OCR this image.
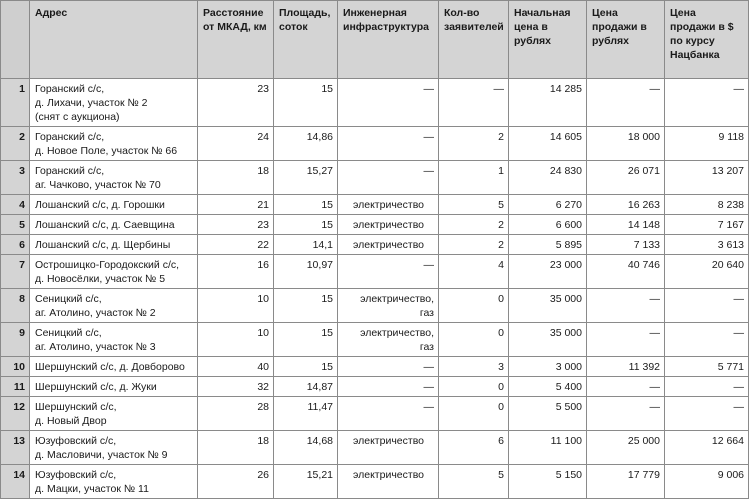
	Адрес	Расстояние от МКАД, км	Площадь, соток	Инженерная инфраструктура	Кол-во заявителей	Начальная цена в рублях	Цена продажи в рублях	Цена продажи в $ по курсу Нацбанка
1	Горанский с/с,
д. Лихачи, участок № 2
(снят с аукциона)	23	15	—	—	14 285	—	—
2	Горанский с/с,
д. Новое Поле, участок № 66	24	14,86	—	2	14 605	18 000	9 118
3	Горанский с/с,
аг. Чачково, участок № 70	18	15,27	—	1	24 830	26 071	13 207
4	Лошанский с/с, д. Горошки	21	15	электричество	5	6 270	16 263	8 238
5	Лошанский с/с, д. Саевщина	23	15	электричество	2	6 600	14 148	7 167
6	Лошанский с/с, д. Щербины	22	14,1	электричество	2	5 895	7 133	3 613
7	Острошицко-Городокский с/с,
д. Новосёлки, участок № 5	16	10,97	—	4	23 000	40 746	20 640
8	Сеницкий с/с,
аг. Атолино, участок № 2	10	15	электричество,
газ	0	35 000	—	—
9	Сеницкий с/с,
аг. Атолино, участок № 3	10	15	электричество,
газ	0	35 000	—	—
10	Шершунский с/с, д. Довборово	40	15	—	3	3 000	11 392	5 771
11	Шершунский с/с, д. Жуки	32	14,87	—	0	5 400	—	—
12	Шершунский с/с,
д. Новый Двор	28	11,47	—	0	5 500	—	—
13	Юзуфовский с/с,
д. Масловичи, участок № 9	18	14,68	электричество	6	11 100	25 000	12 664
14	Юзуфовский с/с,
д. Мацки, участок № 11	26	15,21	электричество	5	5 150	17 779	9 006
